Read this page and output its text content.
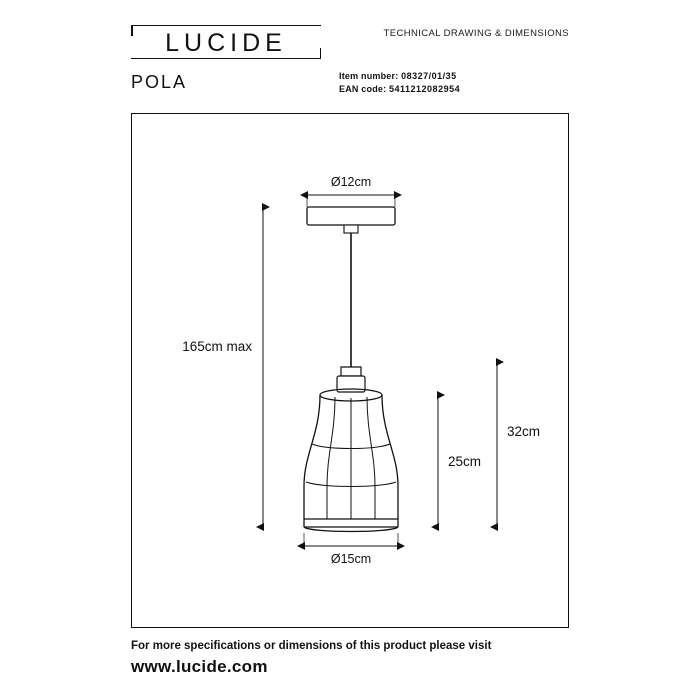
LUCIDE	TECHNICAL DRAWING & DIMENSIONS
POLA	Item number: 08327/01/35
EAN code: 5411212082954
Ø12cm
165cm max
25cm
32cm
Ø15cm
For more specifications or dimensions of this product please visit
www.lucide.com
